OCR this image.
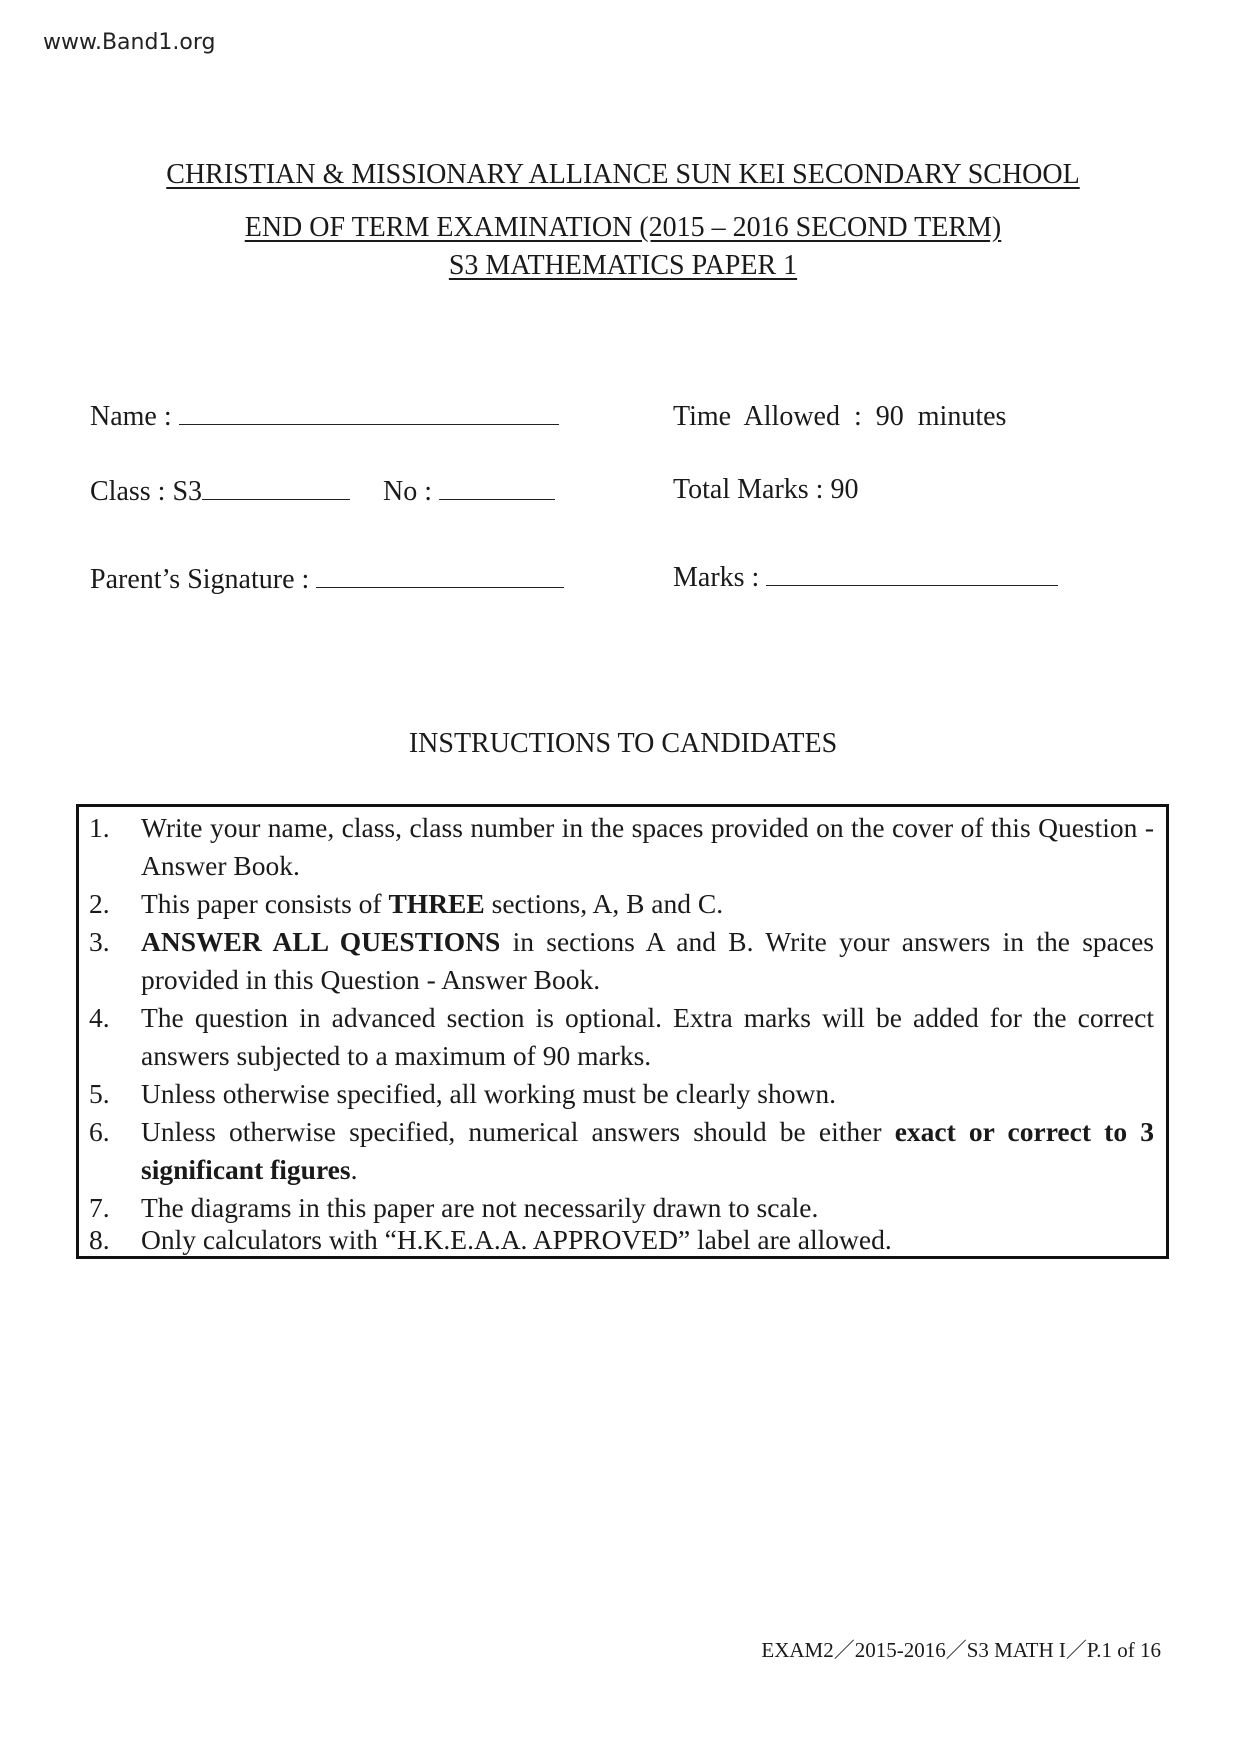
www.Band1.org
CHRISTIAN & MISSIONARY ALLIANCE SUN KEI SECONDARY SCHOOL
END OF TERM EXAMINATION (2015 – 2016 SECOND TERM)
S3 MATHEMATICS PAPER 1
Name :
Class : S3	No :
Parent’s Signature :
Time  Allowed  :  90  minutes
Total Marks : 90
Marks :
INSTRUCTIONS TO CANDIDATES
1.	Write your name, class, class number in the spaces provided on the cover of this Question - Answer Book.
2.	This paper consists of THREE sections, A, B and C.
3.	ANSWER ALL QUESTIONS in sections A and B. Write your answers in the spaces provided in this Question - Answer Book.
4.	The question in advanced section is optional. Extra marks will be added for the correct answers subjected to a maximum of 90 marks.
5.	Unless otherwise specified, all working must be clearly shown.
6.	Unless otherwise specified, numerical answers should be either exact or correct to 3 significant figures.
7.	The diagrams in this paper are not necessarily drawn to scale.
8.	Only calculators with “H.K.E.A.A. APPROVED” label are allowed.
EXAM2／2015-2016／S3 MATH I／P.1 of 16
